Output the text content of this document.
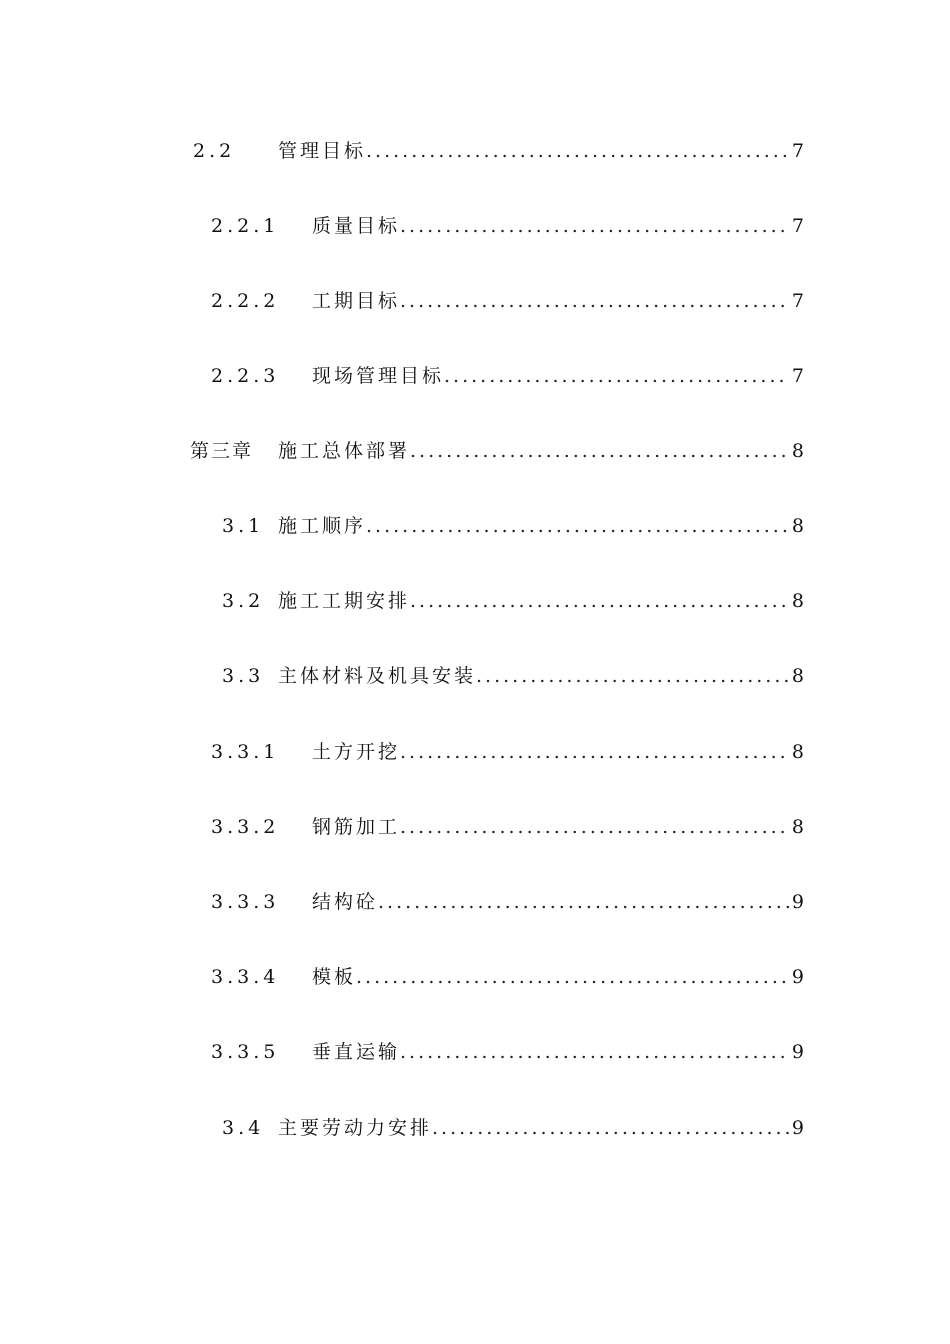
2.2 管理目标 .....	7
2.2.1 质量目标 .....	7
2.2.2 工期目标 .....	7
2.2.3 现场管理目标 .....	7
第三章 施工总体部署 .....	8
3.1 施工顺序 .....	8
3.2 施工工期安排 .....	8
3.3 主体材料及机具安装 .....	8
3.3.1 土方开挖 .....	8
3.3.2 钢筋加工 .....	8
3.3.3 结构砼 .....	9
3.3.4 模板 .....	9
3.3.5 垂直运输 .....	9
3.4 主要劳动力安排 .....	9
